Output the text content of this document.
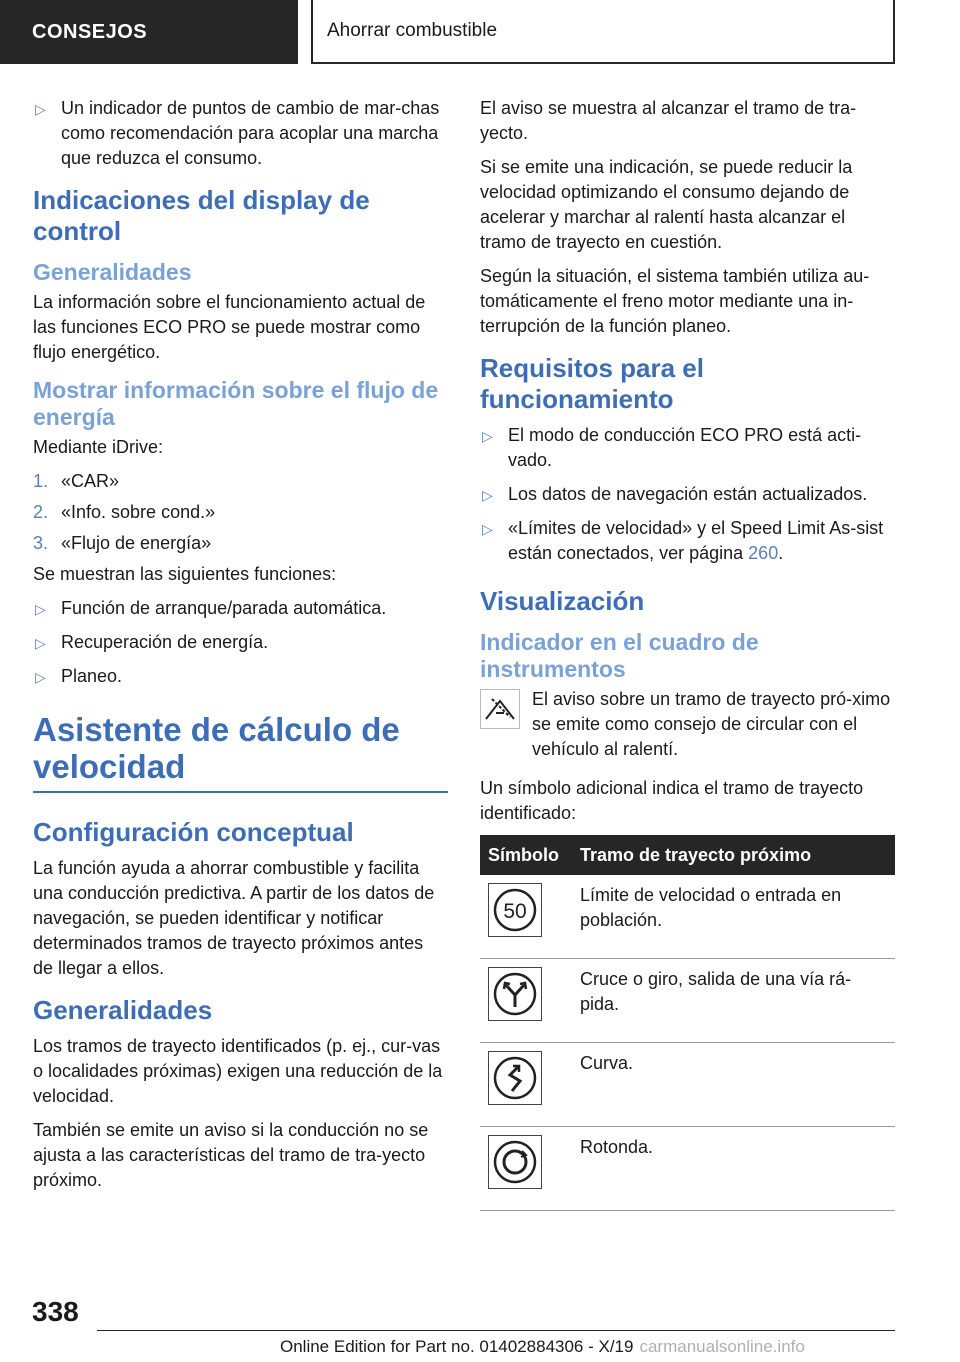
CONSEJOS	Ahorrar combustible
▷ Un indicador de puntos de cambio de mar-chas como recomendación para acoplar una marcha que reduzca el consumo.
Indicaciones del display de control
Generalidades

La información sobre el funcionamiento actual de las funciones ECO PRO se puede mostrar como flujo energético.

Mostrar información sobre el flujo de energía

Mediante iDrive:

1. «CAR»
2. «Info. sobre cond.»
3. «Flujo de energía»

Se muestran las siguientes funciones:

▷ Función de arranque/parada automática.
▷ Recuperación de energía.
▷ Planeo.
Asistente de cálculo de velocidad
Configuración conceptual

La función ayuda a ahorrar combustible y facilita una conducción predictiva. A partir de los datos de navegación, se pueden identificar y notificar determinados tramos de trayecto próximos antes de llegar a ellos.

Generalidades

Los tramos de trayecto identificados (p. ej., cur-vas o localidades próximas) exigen una reducción de la velocidad.

También se emite un aviso si la conducción no se ajusta a las características del tramo de tra-yecto próximo.

El aviso se muestra al alcanzar el tramo de tra-yecto.

Si se emite una indicación, se puede reducir la velocidad optimizando el consumo dejando de acelerar y marchar al ralentí hasta alcanzar el tramo de trayecto en cuestión.

Según la situación, el sistema también utiliza au-tomáticamente el freno motor mediante una in-terrupción de la función planeo.

Requisitos para el funcionamiento
▷ El modo de conducción ECO PRO está acti-vado.
▷ Los datos de navegación están actualizados.
▷ «Límites de velocidad» y el Speed Limit As-sist están conectados, ver página 260.
Visualización
Indicador en el cuadro de instrumentos
El aviso sobre un tramo de trayecto pró-ximo se emite como consejo de circular con el vehículo al ralentí.

Un símbolo adicional indica el tramo de trayecto identificado:

Símbolo	Tramo de trayecto próximo

50	Límite de velocidad o entrada en población.

	Cruce o giro, salida de una vía rá-pida.

	Curva.

	Rotonda.
338
Online Edition for Part no. 01402884306 - X/19 carmanualsonline.info
